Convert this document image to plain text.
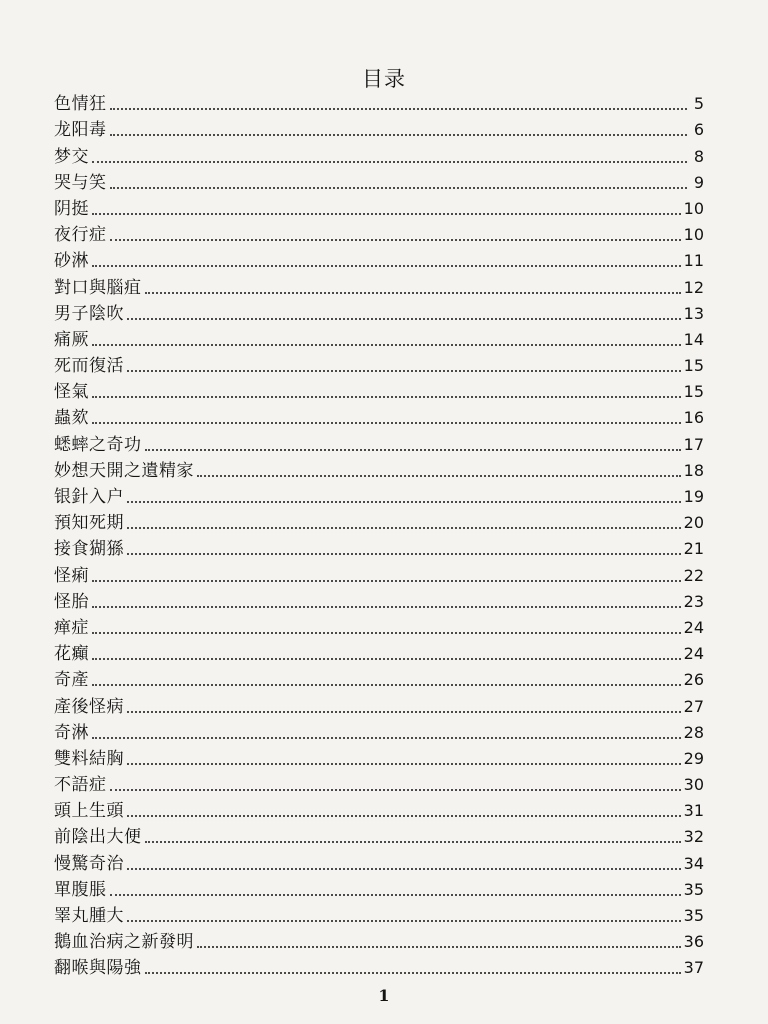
目录
色情狂	5
龙阳毒	6
梦交	8
哭与笑	9
阴挺	10
夜行症	10
砂淋	11
對口與腦疽	12
男子陰吹	13
痛厥	14
死而復活	15
怪氣	15
蟲欬	16
蟋蟀之奇功	17
妙想天開之遺精家	18
银針入户	19
預知死期	20
接食猢猻	21
怪痢	22
怪胎	23
瘅症	24
花癲	24
奇產	26
產後怪病	27
奇淋	28
雙料結胸	29
不語症	30
頭上生頭	31
前陰出大便	32
慢驚奇治	34
單腹脹	35
睪丸腫大	35
鵝血治病之新發明	36
翻喉與陽強	37
1
